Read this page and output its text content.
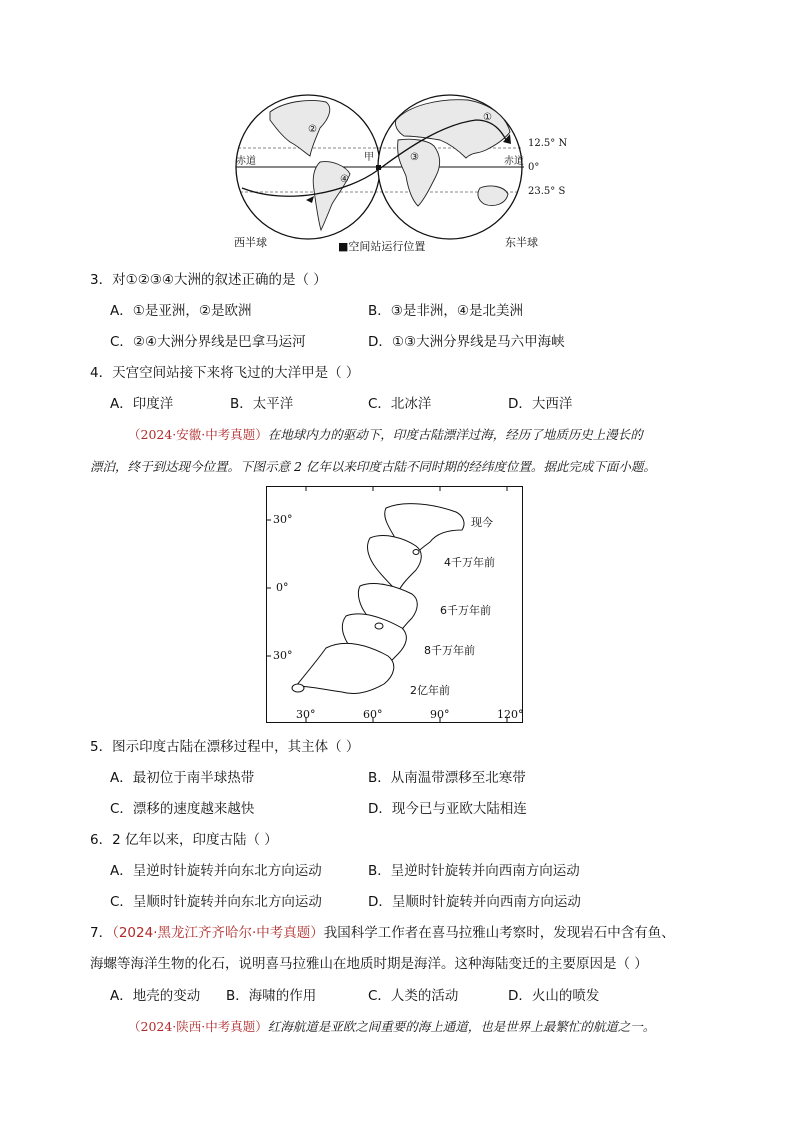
②
④
①
③
甲
赤道	赤道
12.5° N
0°
23.5° S
西半球	■空间站运行位置	东半球
3．对①②③④大洲的叙述正确的是（ ）
A．①是亚洲，②是欧洲	B．③是非洲，④是北美洲
C．②④大洲分界线是巴拿马运河	D．①③大洲分界线是马六甲海峡
4．天宫空间站接下来将飞过的大洋甲是（ ）
A．印度洋	B．太平洋	C．北冰洋	D．大西洋
（2024·安徽·中考真题）在地球内力的驱动下，印度古陆漂洋过海，经历了地质历史上漫长的
漂泊，终于到达现今位置。下图示意 2 亿年以来印度古陆不同时期的经纬度位置。据此完成下面小题。
现今
4千万年前
6千万年前
8千万年前
2亿年前
30°
0°
30°
30°	60°	90°	120°
5．图示印度古陆在漂移过程中，其主体（ ）
A．最初位于南半球热带	B．从南温带漂移至北寒带
C．漂移的速度越来越快	D．现今已与亚欧大陆相连
6．2 亿年以来，印度古陆（ ）
A．呈逆时针旋转并向东北方向运动	B．呈逆时针旋转并向西南方向运动
C．呈顺时针旋转并向东北方向运动	D．呈顺时针旋转并向西南方向运动
7．（2024·黑龙江齐齐哈尔·中考真题）我国科学工作者在喜马拉雅山考察时，发现岩石中含有鱼、
海螺等海洋生物的化石，说明喜马拉雅山在地质时期是海洋。这种海陆变迁的主要原因是（ ）
A．地壳的变动 B．海啸的作用	C．人类的活动	D．火山的喷发
（2024·陕西·中考真题）红海航道是亚欧之间重要的海上通道，也是世界上最繁忙的航道之一。
